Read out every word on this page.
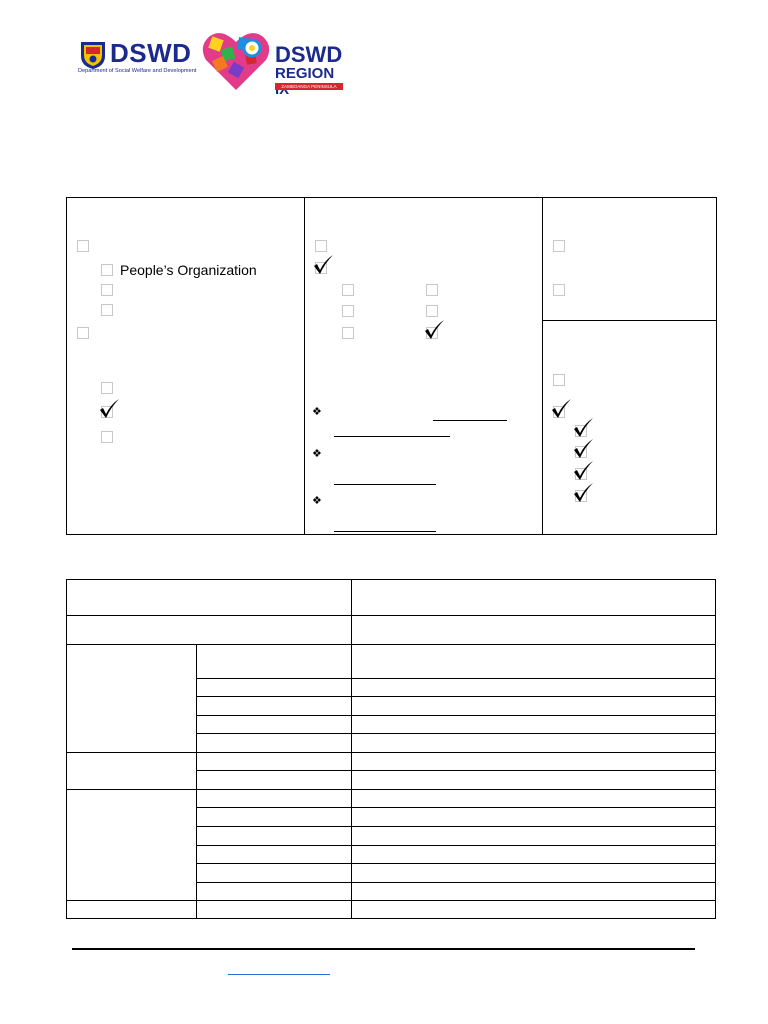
DSWD
Department of Social Welfare and Development
DSWD
REGION
ZAMBOANGA PENINSULA
❖
❖
❖
People’s Organization
